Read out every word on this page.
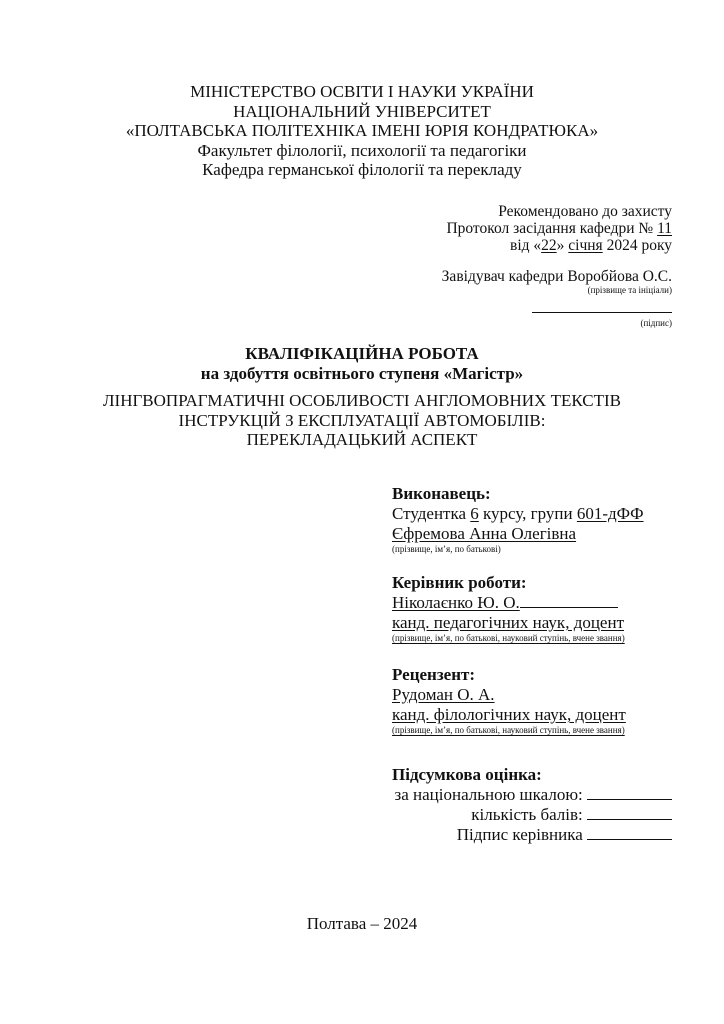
МІНІСТЕРСТВО ОСВІТИ І НАУКИ УКРАЇНИ
НАЦІОНАЛЬНИЙ УНІВЕРСИТЕТ
«ПОЛТАВСЬКА ПОЛІТЕХНІКА ІМЕНІ ЮРІЯ КОНДРАТЮКА»
Факультет філології, психології та педагогіки
Кафедра германської філології та перекладу
Рекомендовано до захисту
Протокол засідання кафедри № 11
від «22» січня 2024 року
Завідувач кафедри Воробйова О.С.
(прізвище та ініціали)
(підпис)
КВАЛІФІКАЦІЙНА РОБОТА
на здобуття освітнього ступеня «Магістр»
ЛІНГВОПРАГМАТИЧНІ ОСОБЛИВОСТІ АНГЛОМОВНИХ ТЕКСТІВ
ІНСТРУКЦІЙ З ЕКСПЛУАТАЦІЇ АВТОМОБІЛІВ:
ПЕРЕКЛАДАЦЬКИЙ АСПЕКТ
Виконавець:
Студентка 6 курсу, групи 601-дФФ
Єфремова Анна Олегівна
(прізвище, ім’я, по батькові)
Керівник роботи:
Ніколаєнко Ю. О.
канд. педагогічних наук, доцент
(прізвище, ім’я, по батькові, науковий ступінь, вчене звання)
Рецензент:
Рудоман О. А.
канд. філологічних наук, доцент
(прізвище, ім’я, по батькові, науковий ступінь, вчене звання)
Підсумкова оцінка:
за національною шкалою:
кількість балів:
Підпис керівника
Полтава – 2024
